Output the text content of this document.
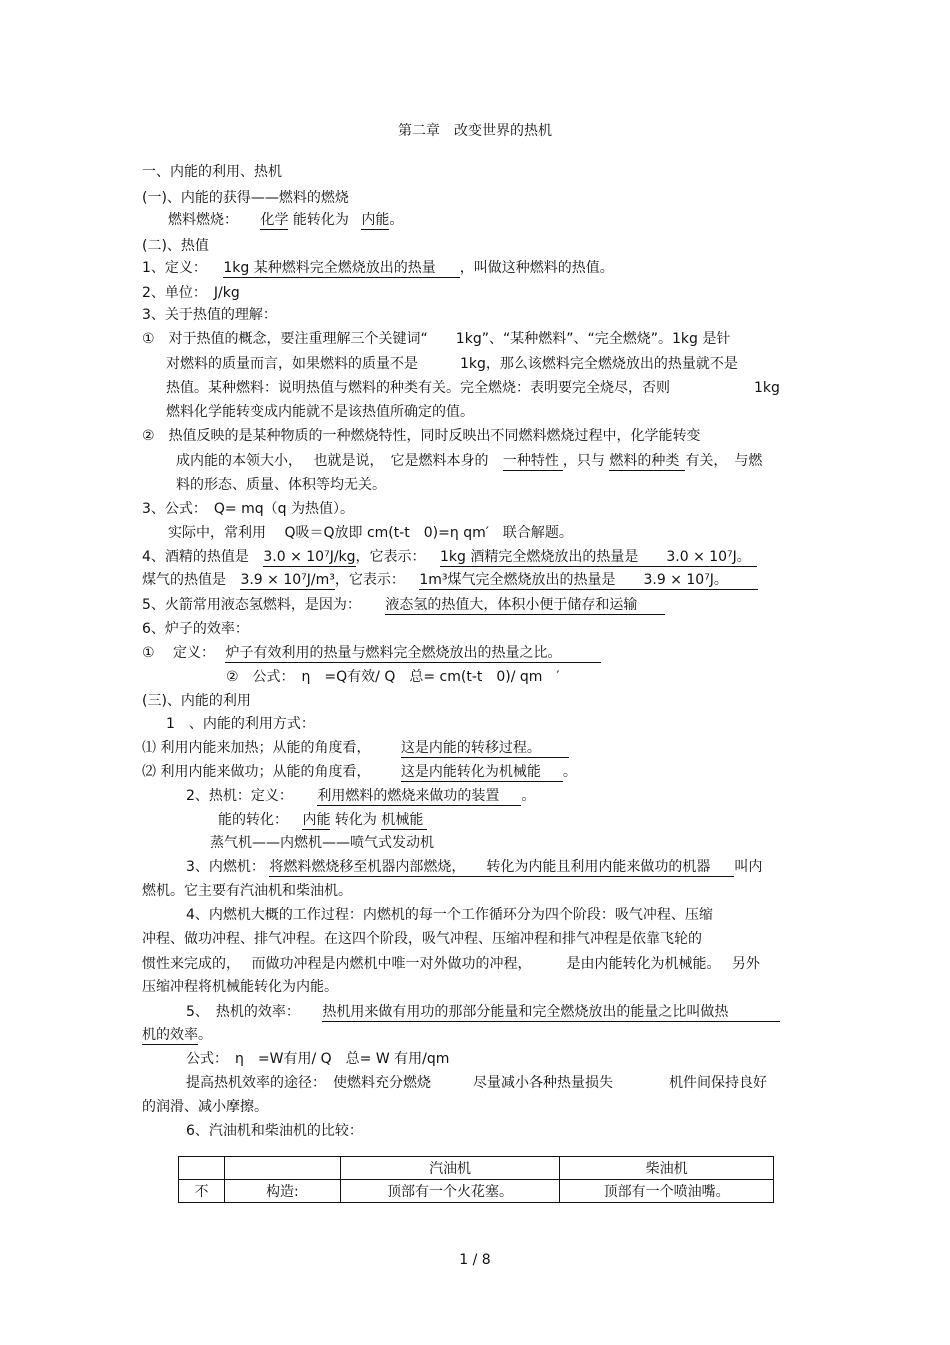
第二章　改变世界的热机
一、内能的利用、热机
(一)、内能的获得——燃料的燃烧
燃料燃烧： 化学 能转化为 内能。
(二)、热值
1、定义： 1kg 某种燃料完全燃烧放出的热量 ，叫做这种燃料的热值。
2、单位：　J/kg
3、关于热值的理解：
①　对于热值的概念，要注重理解三个关键词“　　1kg”、“某种燃料”、“完全燃烧”。1kg 是针
对燃料的质量而言，如果燃料的质量不是　　　1kg，那么该燃料完全燃烧放出的热量就不是
热值。某种燃料：说明热值与燃料的种类有关。完全燃烧：表明要完全烧尽，否则　　　　　　1kg
燃料化学能转变成内能就不是该热值所确定的值。
②　热值反映的是某种物质的一种燃烧特性，同时反映出不同燃料燃烧过程中，化学能转变
成内能的本领大小，　 也就是说，　它是燃料本身的 一种特性 ，只与 燃料的种类 有关，　与燃
料的形态、质量、体积等均无关。
3、公式：　Q= mq（q 为热值）。
实际中，常利用　 Q吸＝Q放即 cm(t-t　0)=η qm′　联合解题。
4、酒精的热值是 3.0 × 10⁷J/kg，它表示： 1kg 酒精完全燃烧放出的热量是　　3.0 × 10⁷J。
煤气的热值是 3.9 × 10⁷J/m³，它表示： 1m³煤气完全燃烧放出的热量是　　3.9 × 10⁷J。
5、火箭常用液态氢燃料，是因为： 液态氢的热值大，体积小便于储存和运输
6、炉子的效率：
①　 定义： 炉子有效利用的热量与燃料完全燃烧放出的热量之比。
②　公式：　η　=Q有效/ Q　总= cm(t-t　0)/ qm　′
(三)、内能的利用
1　、内能的利用方式：
⑴ 利用内能来加热；从能的角度看， 这是内能的转移过程。
⑵ 利用内能来做功；从能的角度看， 这是内能转化为机械能 。
2、热机：定义： 利用燃料的燃烧来做功的装置 。
能的转化： 内能 转化为 机械能
蒸气机——内燃机——喷气式发动机
3、内燃机： 将燃料燃烧移至机器内部燃烧，　　转化为内能且利用内能来做功的机器 叫内
燃机。它主要有汽油机和柴油机。
4、内燃机大概的工作过程：内燃机的每一个工作循环分为四个阶段：吸气冲程、压缩
冲程、做功冲程、排气冲程。在这四个阶段，吸气冲程、压缩冲程和排气冲程是依靠飞轮的
惯性来完成的，　 而做功冲程是内燃机中唯一对外做功的冲程，　　　是由内能转化为机械能。　 另外
压缩冲程将机械能转化为内能。
5、　热机的效率： 热机用来做有用功的那部分能量和完全燃烧放出的能量之比叫做热
机的效率。
公式：　η　=W有用/ Q　总= W 有用/qm
提高热机效率的途径：　使燃料充分燃烧　　　尽量减小各种热量损失　　　　机件间保持良好
的润滑、减小摩擦。
6、汽油机和柴油机的比较：
		汽油机	柴油机
不	构造:	顶部有一个火花塞。	顶部有一个喷油嘴。
1 / 8
